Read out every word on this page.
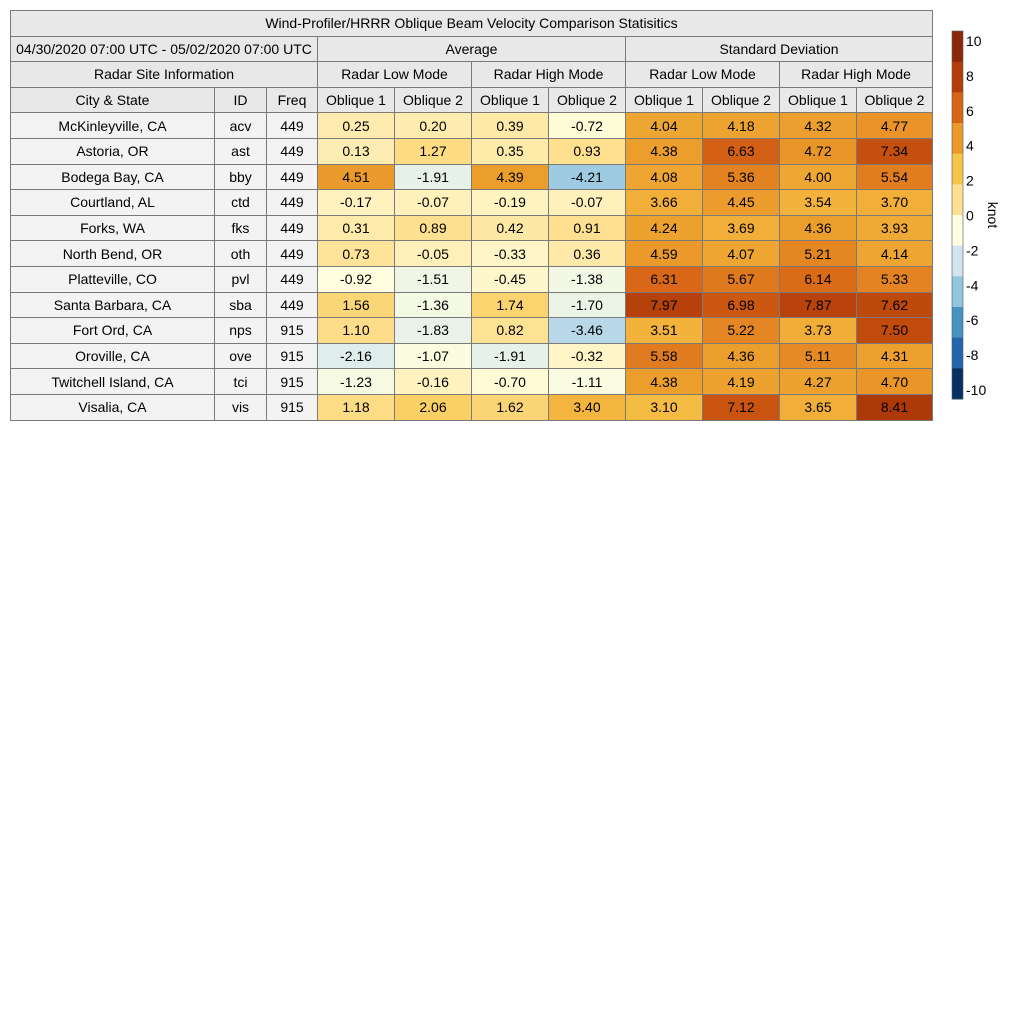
Wind-Profiler/HRRR Oblique Beam Velocity Comparison Statisitics										
04/30/2020 07:00 UTC - 05/02/2020 07:00 UTC			Average				Standard Deviation			
Radar Site Information			Radar Low Mode		Radar High Mode		Radar Low Mode		Radar High Mode	
City & State	ID	Freq	Oblique 1	Oblique 2	Oblique 1	Oblique 2	Oblique 1	Oblique 2	Oblique 1	Oblique 2
McKinleyville, CA	acv	449	0.25	0.20	0.39	-0.72	4.04	4.18	4.32	4.77
Astoria, OR	ast	449	0.13	1.27	0.35	0.93	4.38	6.63	4.72	7.34
Bodega Bay, CA	bby	449	4.51	-1.91	4.39	-4.21	4.08	5.36	4.00	5.54
Courtland, AL	ctd	449	-0.17	-0.07	-0.19	-0.07	3.66	4.45	3.54	3.70
Forks, WA	fks	449	0.31	0.89	0.42	0.91	4.24	3.69	4.36	3.93
North Bend, OR	oth	449	0.73	-0.05	-0.33	0.36	4.59	4.07	5.21	4.14
Platteville, CO	pvl	449	-0.92	-1.51	-0.45	-1.38	6.31	5.67	6.14	5.33
Santa Barbara, CA	sba	449	1.56	-1.36	1.74	-1.70	7.97	6.98	7.87	7.62
Fort Ord, CA	nps	915	1.10	-1.83	0.82	-3.46	3.51	5.22	3.73	7.50
Oroville, CA	ove	915	-2.16	-1.07	-1.91	-0.32	5.58	4.36	5.11	4.31
Twitchell Island, CA	tci	915	-1.23	-0.16	-0.70	-1.11	4.38	4.19	4.27	4.70
Visalia, CA	vis	915	1.18	2.06	1.62	3.40	3.10	7.12	3.65	8.41
10
8
6
4
2
0
-2
-4
-6
-8
-10
knot
